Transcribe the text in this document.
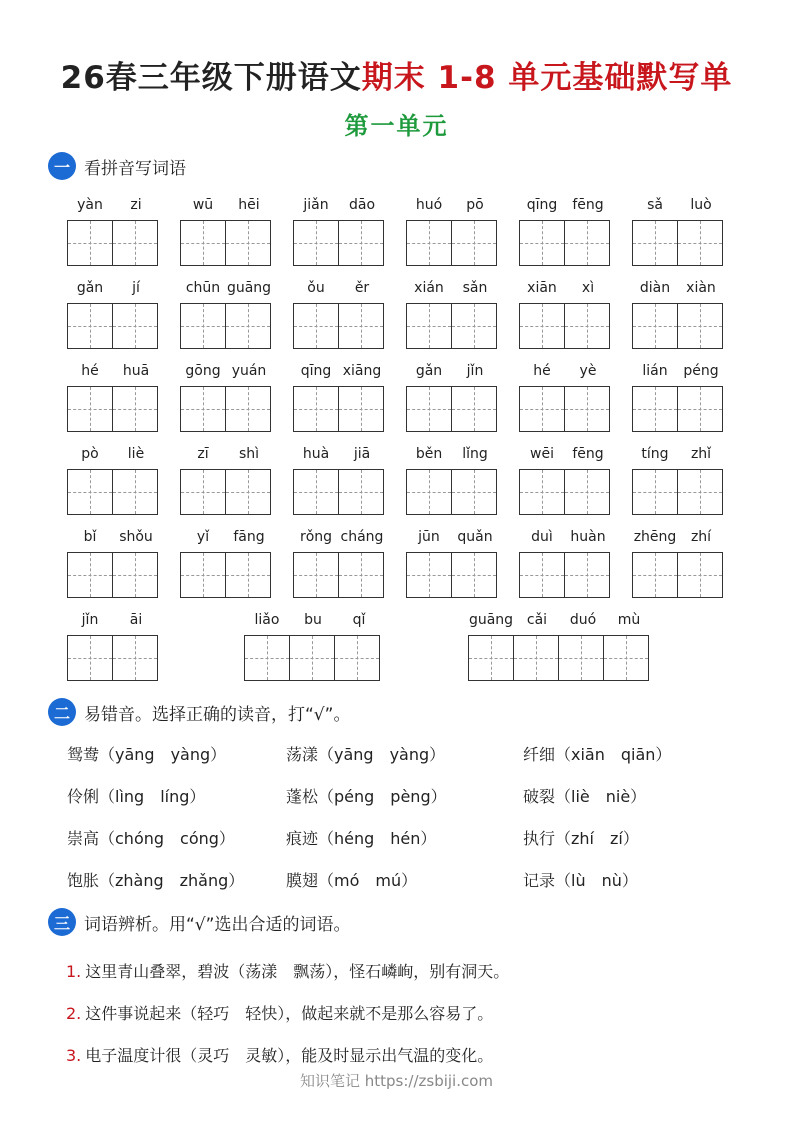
26春三年级下册语文期末 1-8 单元基础默写单
第一单元
一 看拼音写词语
yàn	zi	wū	hēi	jiǎn	dāo	huó	pō	qīng	fēng	sǎ	luò
gǎn	jí	chūn guāng	ǒu	ěr	xián	sǎn	xiān	xì	diàn	xiàn
hé	huā	gōng yuán	qīng xiāng	gǎn	jǐn	hé	yè	lián	péng
pò	liè	zī	shì	huà	jiā	běn	lǐng	wēi	fēng	tíng	zhǐ
bǐ	shǒu	yǐ	fāng	rǒng cháng	jūn	quǎn	duì	huàn	zhēng	zhí
jǐn	āi	liǎo	bu	qǐ	guāng cǎi	duó	mù
二 易错音。选择正确的读音，打“√”。
鸳鸯（yāng　yàng）	荡漾（yāng　yàng）	纤细（xiān　qiān）
伶俐（lìng　líng）	蓬松（péng　pèng）	破裂（liè　niè）
崇高（chóng　cóng）	痕迹（héng　hén）	执行（zhí　zí）
饱胀（zhàng　zhǎng）	膜翅（mó　mú）	记录（lù　nù）
三 词语辨析。用“√”选出合适的词语。
1. 这里青山叠翠，碧波（荡漾　飘荡），怪石嶙峋，别有洞天。
2. 这件事说起来（轻巧　轻快），做起来就不是那么容易了。
3. 电子温度计很（灵巧　灵敏），能及时显示出气温的变化。
知识笔记 https://zsbiji.com
